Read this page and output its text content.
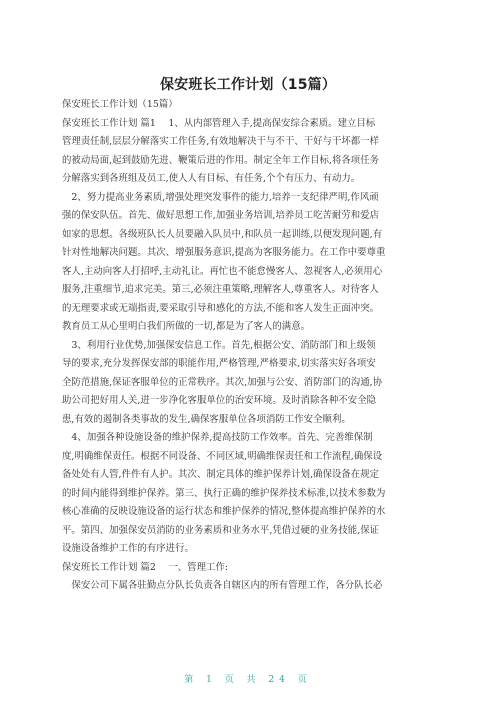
保安班长工作计划（15篇）
保安班长工作计划（15篇）
保安班长工作计划 篇1　 1、从内部管理入手,提高保安综合素质。建立目标
管理责任制,层层分解落实工作任务,有效地解决干与不干、干好与干坏都一样
的被动局面,起到鼓励先进、鞭策后进的作用。制定全年工作目标,将各项任务
分解落实到各班组及员工,使人人有目标、有任务,个个有压力、有动力。
　2、努力提高业务素质,增强处理突发事件的能力,培养一支纪律严明,作风顽
强的保安队伍。首先、做好思想工作,加强业务培训,培养员工吃苦耐劳和爱店
如家的思想。各级班队长人员要融入队员中,和队员一起训练,以便发现问题,有
针对性地解决问题。其次、增强服务意识,提高为客服务能力。在工作中要尊重
客人,主动向客人打招呼,主动礼让。再忙也不能怠慢客人、忽视客人,必须用心
服务,注重细节,追求完美。第三,必须注重策略,理解客人,尊重客人。对待客人
的无理要求或无端指责,要采取引导和感化的方法,不能和客人发生正面冲突。
教育员工从心里明白我们所做的一切,都是为了客人的满意。
　3、利用行业优势,加强保安信息工作。首先,根据公安、消防部门和上级领
导的要求,充分发挥保安部的职能作用,严格管理,严格要求,切实落实好各项安
全防范措施,保证客服单位的正常秩序。其次,加强与公安、消防部门的沟通,协
助公司把好用人关,进一步净化客服单位的治安环境。及时消除各种不安全隐
患,有效的遏制各类事故的发生,确保客服单位各项消防工作安全顺利。
　4、加强各种设施设备的维护保养,提高技防工作效率。首先、完善维保制
度,明确维保责任。根据不同设备、不同区域,明确维保责任和工作流程,确保设
备处处有人管,件件有人护。其次、制定具体的维护保养计划,确保设备在规定
的时间内能得到维护保养。第三、执行正确的维护保养技术标准,以技术参数为
核心准确的反映设施设备的运行状态和维护保养的情况,整体提高维护保养的水
平。第四、加强保安员消防的业务素质和业务水平,凭借过硬的业务技能,保证
设施设备维护工作的有序进行。
保安班长工作计划 篇2　 一、管理工作:
　保安公司下属各驻勤点分队长负责各自辖区内的所有管理工作，各分队长必
第 1 页 共 24 页
